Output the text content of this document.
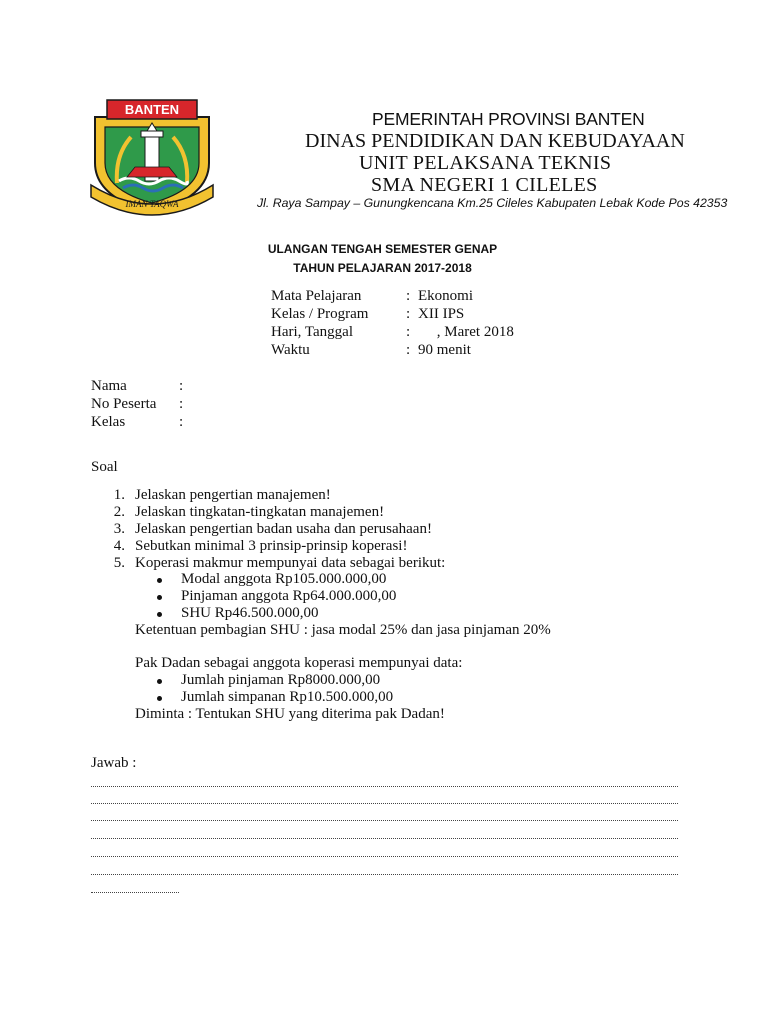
BANTEN
IMAN TAQWA
PEMERINTAH PROVINSI BANTEN
DINAS PENDIDIKAN DAN KEBUDAYAAN
UNIT PELAKSANA TEKNIS
SMA NEGERI 1 CILELES
Jl. Raya Sampay – Gunungkencana Km.25 Cileles Kabupaten Lebak Kode Pos 42353
ULANGAN TENGAH SEMESTER GENAP
TAHUN PELAJARAN 2017-2018
Mata Pelajaran	: Ekonomi
Kelas / Program	: XII IPS
Hari, Tanggal	: , Maret 2018
Waktu	: 90 menit
Nama	:
No Peserta :
Kelas	:
Soal
1. Jelaskan pengertian manajemen!
2. Jelaskan tingkatan-tingkatan manajemen!
3. Jelaskan pengertian badan usaha dan perusahaan!
4. Sebutkan minimal 3 prinsip-prinsip koperasi!
5. Koperasi makmur mempunyai data sebagai berikut:
Modal anggota Rp105.000.000,00
Pinjaman anggota Rp64.000.000,00
SHU Rp46.500.000,00
Ketentuan pembagian SHU : jasa modal 25% dan jasa pinjaman 20%
Pak Dadan sebagai anggota koperasi mempunyai data:
Jumlah pinjaman Rp8000.000,00
Jumlah simpanan Rp10.500.000,00
Diminta : Tentukan SHU yang diterima pak Dadan!
Jawab :
